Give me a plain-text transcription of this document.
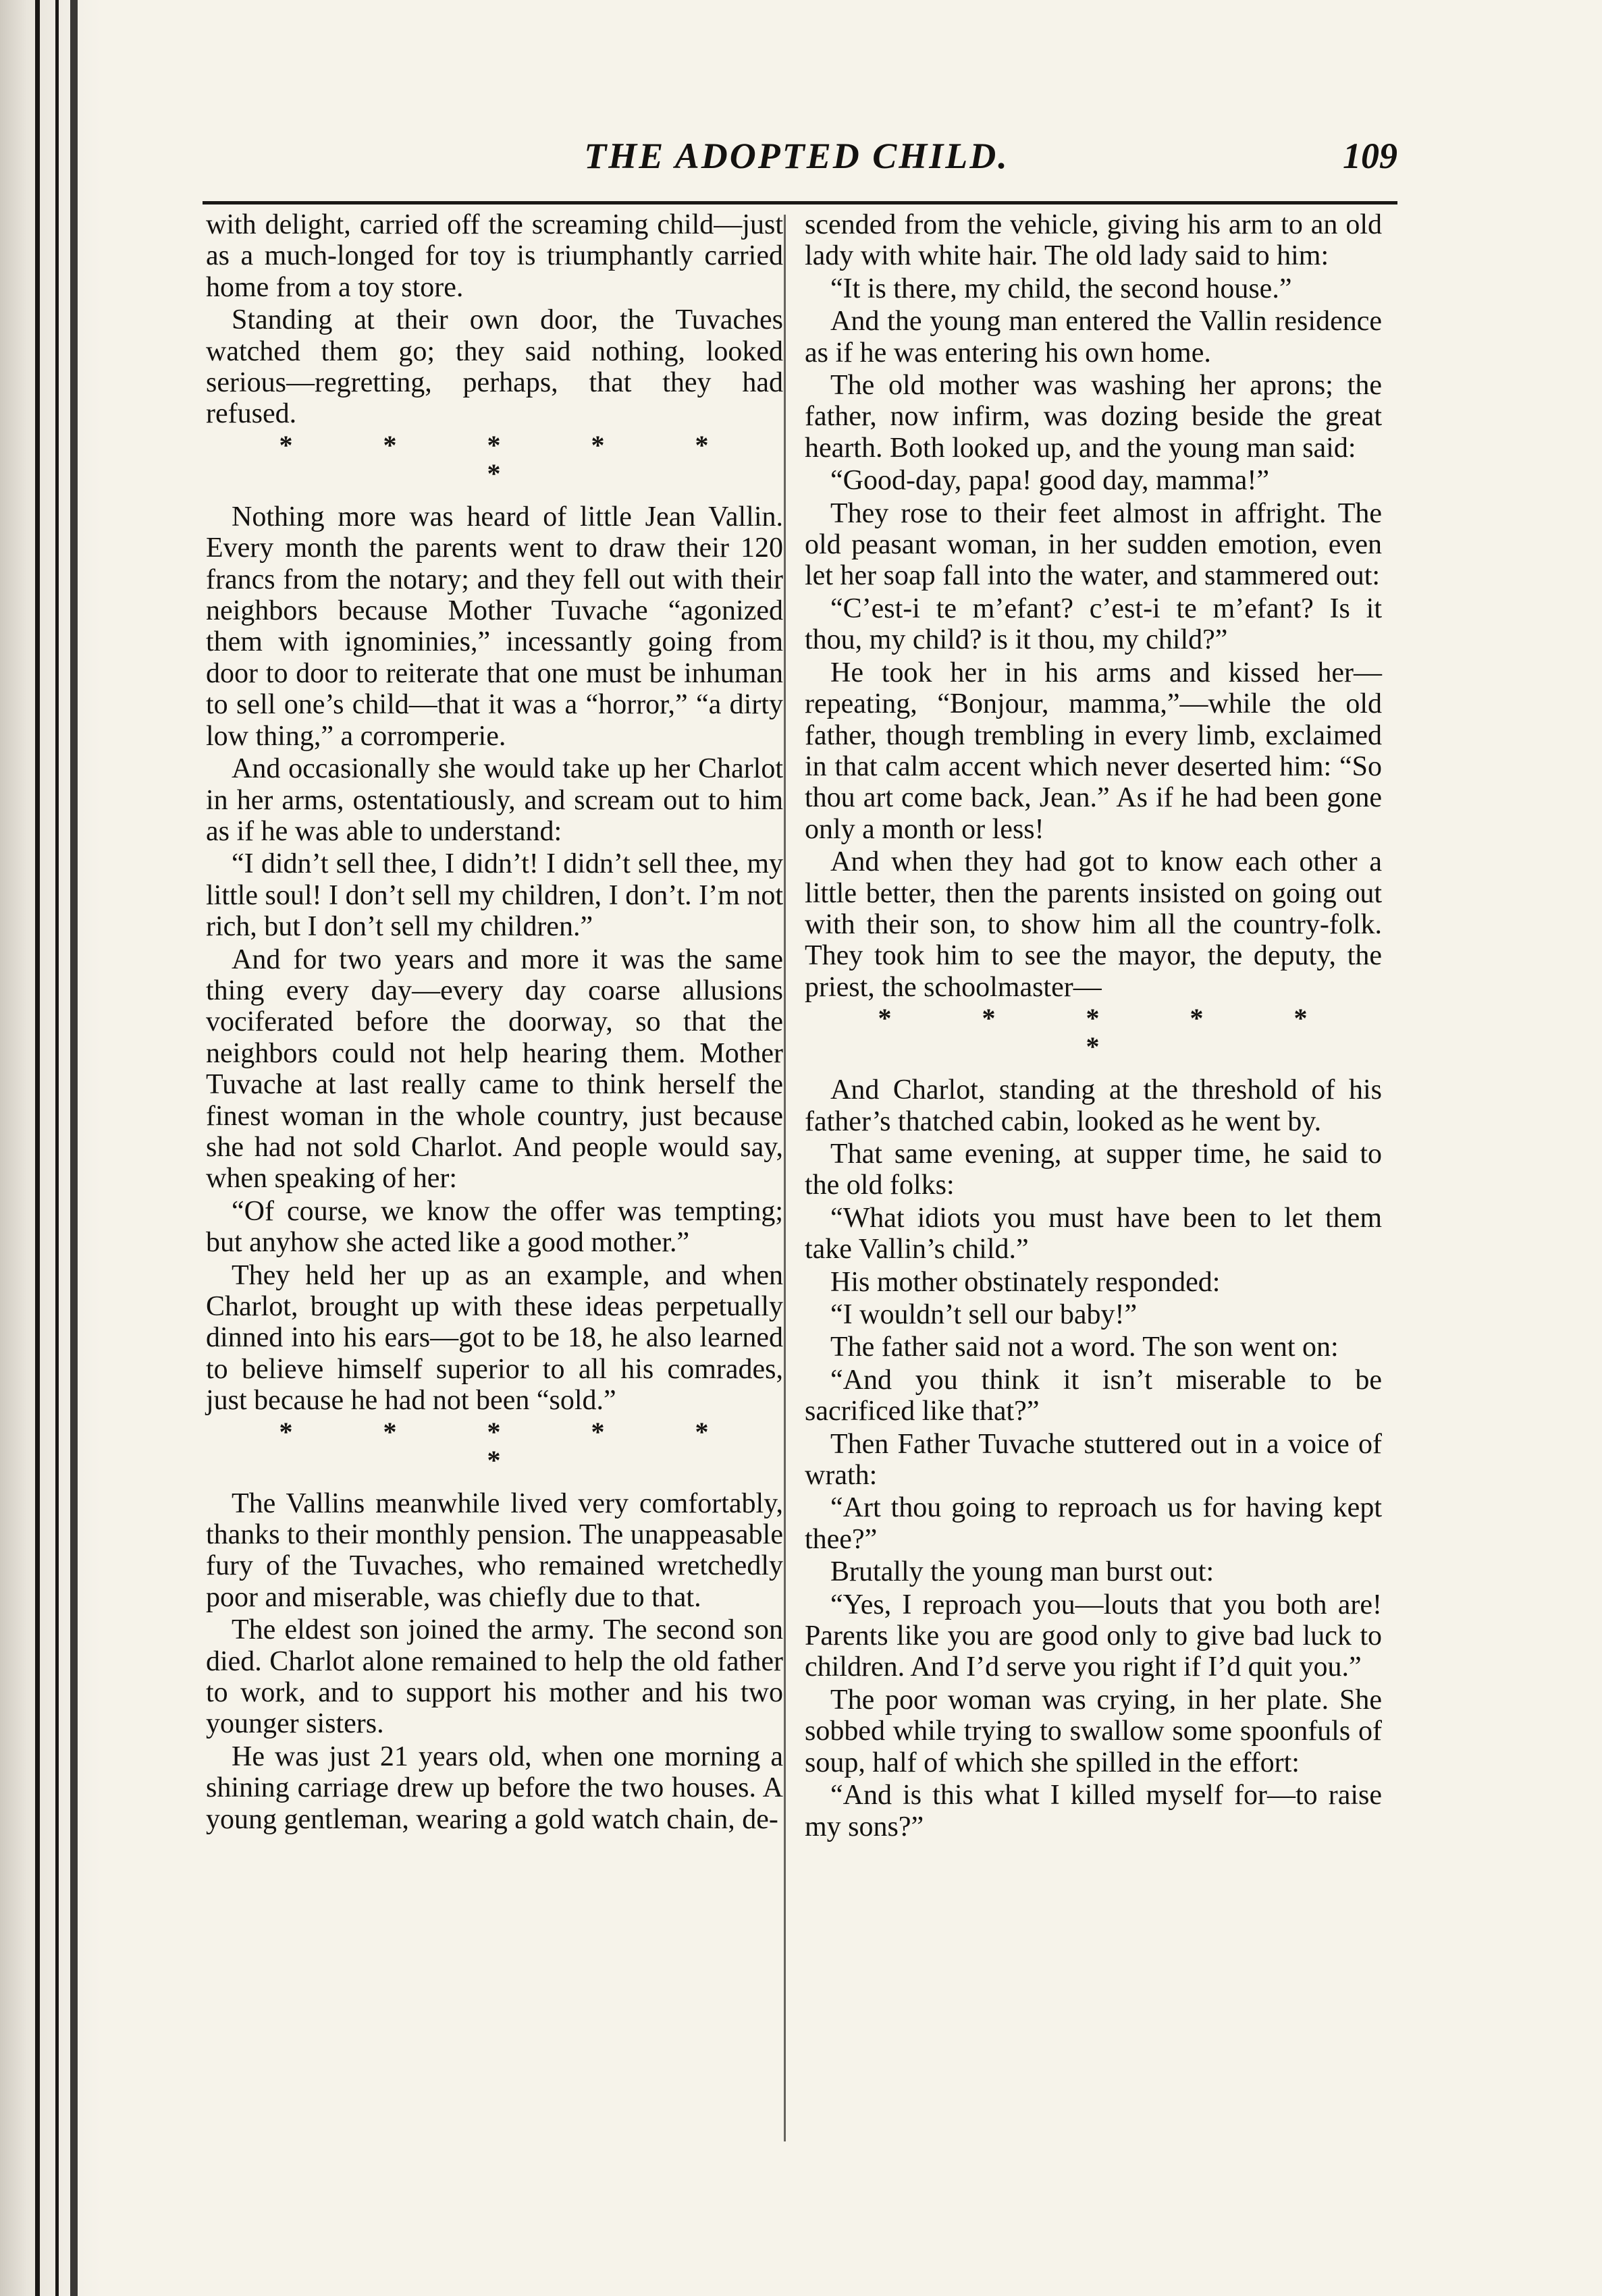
THE ADOPTED CHILD.	109

with delight, carried off the screaming child—just as a much-longed for toy is triumphantly carried home from a toy store.

Standing at their own door, the Tuvaches watched them go; they said nothing, looked serious—regretting, perhaps, that they had refused.

* * * * * *

Nothing more was heard of little Jean Vallin. Every month the parents went to draw their 120 francs from the notary; and they fell out with their neighbors because Mother Tuvache “agonized them with ignominies,” incessantly going from door to door to reiterate that one must be inhuman to sell one’s child—that it was a “horror,” “a dirty low thing,” a corromperie.

And occasionally she would take up her Charlot in her arms, ostentatiously, and scream out to him as if he was able to understand:

“I didn’t sell thee, I didn’t! I didn’t sell thee, my little soul! I don’t sell my children, I don’t. I’m not rich, but I don’t sell my children.”

And for two years and more it was the same thing every day—every day coarse allusions vociferated before the doorway, so that the neighbors could not help hearing them. Mother Tuvache at last really came to think herself the finest woman in the whole country, just because she had not sold Charlot. And people would say, when speaking of her:

“Of course, we know the offer was tempting; but anyhow she acted like a good mother.”

They held her up as an example, and when Charlot, brought up with these ideas perpetually dinned into his ears—got to be 18, he also learned to believe himself superior to all his comrades, just because he had not been “sold.”

* * * * * *

The Vallins meanwhile lived very comfortably, thanks to their monthly pension. The unappeasable fury of the Tuvaches, who remained wretchedly poor and miserable, was chiefly due to that.

The eldest son joined the army. The second son died. Charlot alone remained to help the old father to work, and to support his mother and his two younger sisters.

He was just 21 years old, when one morning a shining carriage drew up before the two houses. A young gentleman, wearing a gold watch chain, de-

scended from the vehicle, giving his arm to an old lady with white hair. The old lady said to him:

“It is there, my child, the second house.”

And the young man entered the Vallin residence as if he was entering his own home.

The old mother was washing her aprons; the father, now infirm, was dozing beside the great hearth. Both looked up, and the young man said:

“Good-day, papa! good day, mamma!”

They rose to their feet almost in affright. The old peasant woman, in her sudden emotion, even let her soap fall into the water, and stammered out:

“C’est-i te m’efant? c’est-i te m’efant? Is it thou, my child? is it thou, my child?”

He took her in his arms and kissed her—repeating, “Bonjour, mamma,”—while the old father, though trembling in every limb, exclaimed in that calm accent which never deserted him: “So thou art come back, Jean.” As if he had been gone only a month or less!

And when they had got to know each other a little better, then the parents insisted on going out with their son, to show him all the country-folk. They took him to see the mayor, the deputy, the priest, the schoolmaster—

* * * * * *

And Charlot, standing at the threshold of his father’s thatched cabin, looked as he went by.

That same evening, at supper time, he said to the old folks:

“What idiots you must have been to let them take Vallin’s child.”

His mother obstinately responded:

“I wouldn’t sell our baby!”

The father said not a word. The son went on:

“And you think it isn’t miserable to be sacrificed like that?”

Then Father Tuvache stuttered out in a voice of wrath:

“Art thou going to reproach us for having kept thee?”

Brutally the young man burst out:

“Yes, I reproach you—louts that you both are! Parents like you are good only to give bad luck to children. And I’d serve you right if I’d quit you.”

The poor woman was crying, in her plate. She sobbed while trying to swallow some spoonfuls of soup, half of which she spilled in the effort:

“And is this what I killed myself for—to raise my sons?”
